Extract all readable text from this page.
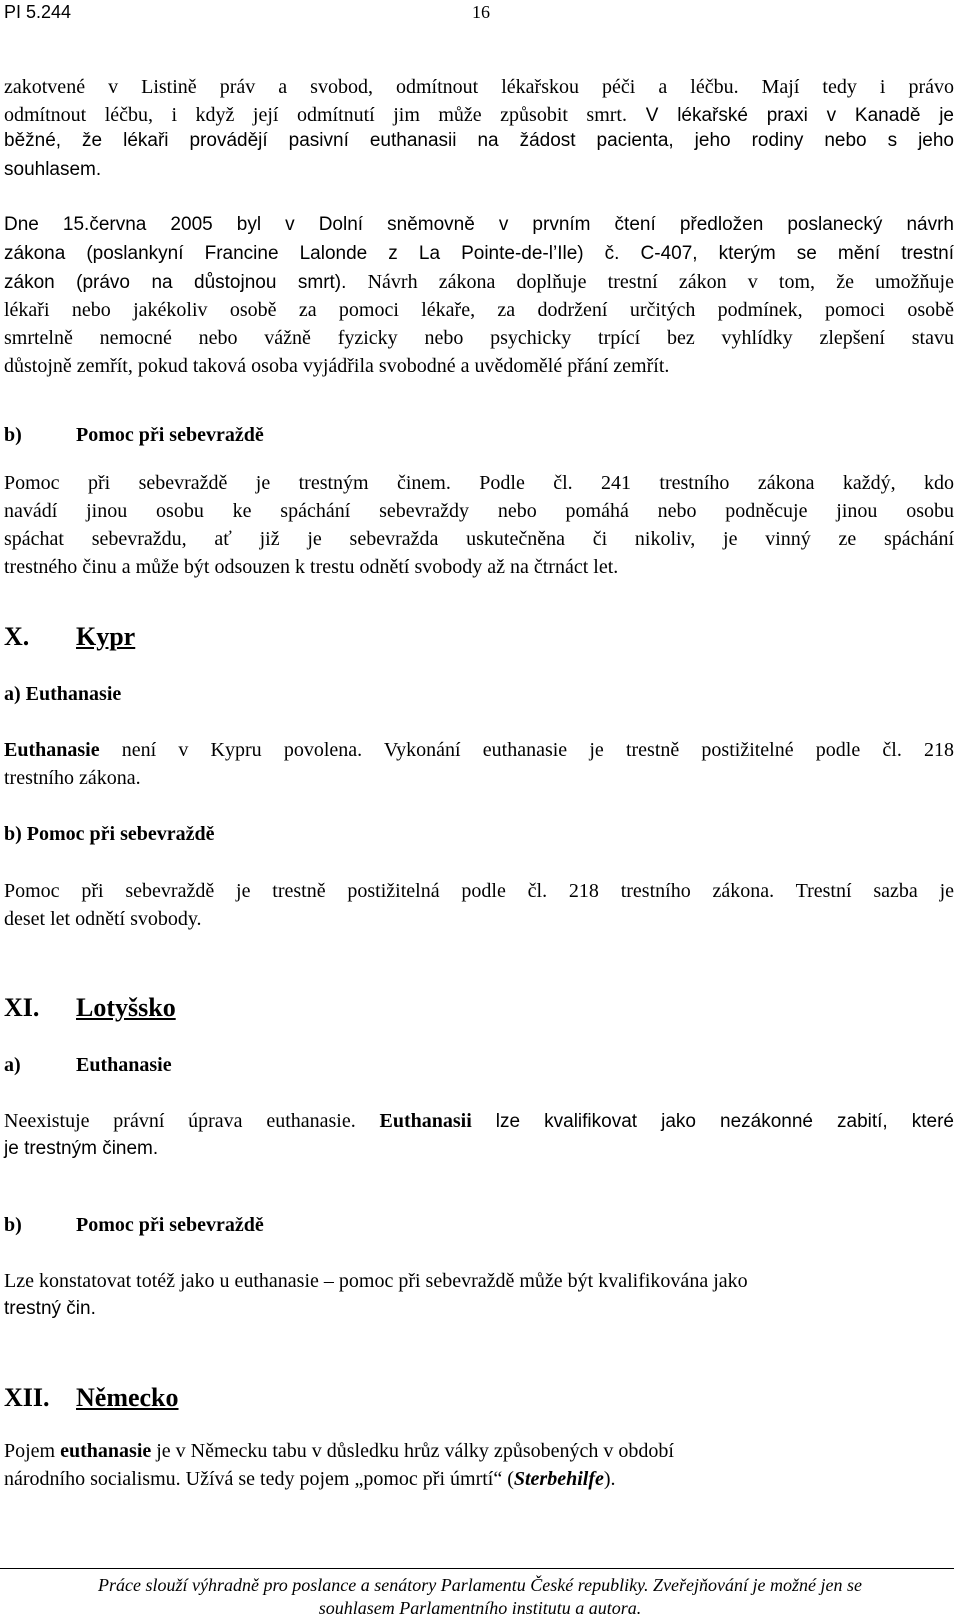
PI 5.244	16
zakotvené v Listině práv a svobod, odmítnout lékařskou péči a léčbu. Mají tedy i právo
odmítnout léčbu, i když její odmítnutí jim může způsobit smrt. V lékařské praxi v Kanadě je
běžné, že lékaři provádějí pasivní euthanasii na žádost pacienta, jeho rodiny nebo s jeho
souhlasem.
Dne 15.června 2005 byl v Dolní sněmovně v prvním čtení předložen poslanecký návrh
zákona (poslankyní Francine Lalonde z La Pointe-de-l’Ile) č. C-407, kterým se mění trestní
zákon (právo na důstojnou smrt). Návrh zákona doplňuje trestní zákon v tom, že umožňuje
lékaři nebo jakékoliv osobě za pomoci lékaře, za dodržení určitých podmínek, pomoci osobě
smrtelně nemocné nebo vážně fyzicky nebo psychicky trpící bez vyhlídky zlepšení stavu
důstojně zemřít, pokud taková osoba vyjádřila svobodné a uvědomělé přání zemřít.
b)	Pomoc při sebevraždě
Pomoc při sebevraždě je trestným činem. Podle čl. 241 trestního zákona každý, kdo
navádí jinou osobu ke spáchání sebevraždy nebo pomáhá nebo podněcuje jinou osobu
spáchat sebevraždu, ať již je sebevražda uskutečněna či nikoliv, je vinný ze spáchání
trestného činu a může být odsouzen k trestu odnětí svobody až na čtrnáct let.
X. Kypr
a) Euthanasie
Euthanasie není v Kypru povolena. Vykonání euthanasie je trestně postižitelné podle čl. 218
trestního zákona.
b) Pomoc při sebevraždě
Pomoc při sebevraždě je trestně postižitelná podle čl. 218 trestního zákona. Trestní sazba je
deset let odnětí svobody.
XI. Lotyšsko
a)	Euthanasie
Neexistuje právní úprava euthanasie. Euthanasii lze kvalifikovat jako nezákonné zabití, které
je trestným činem.
b)	Pomoc při sebevraždě
Lze konstatovat totéž jako u euthanasie – pomoc při sebevraždě může být kvalifikována jako
trestný čin.
XII. Německo
Pojem euthanasie je v Německu tabu v důsledku hrůz války způsobených v období
národního socialismu. Užívá se tedy pojem „pomoc při úmrtí“ (Sterbehilfe).
Práce slouží výhradně pro poslance a senátory Parlamentu České republiky. Zveřejňování je možné jen se
souhlasem Parlamentního institutu a autora.
